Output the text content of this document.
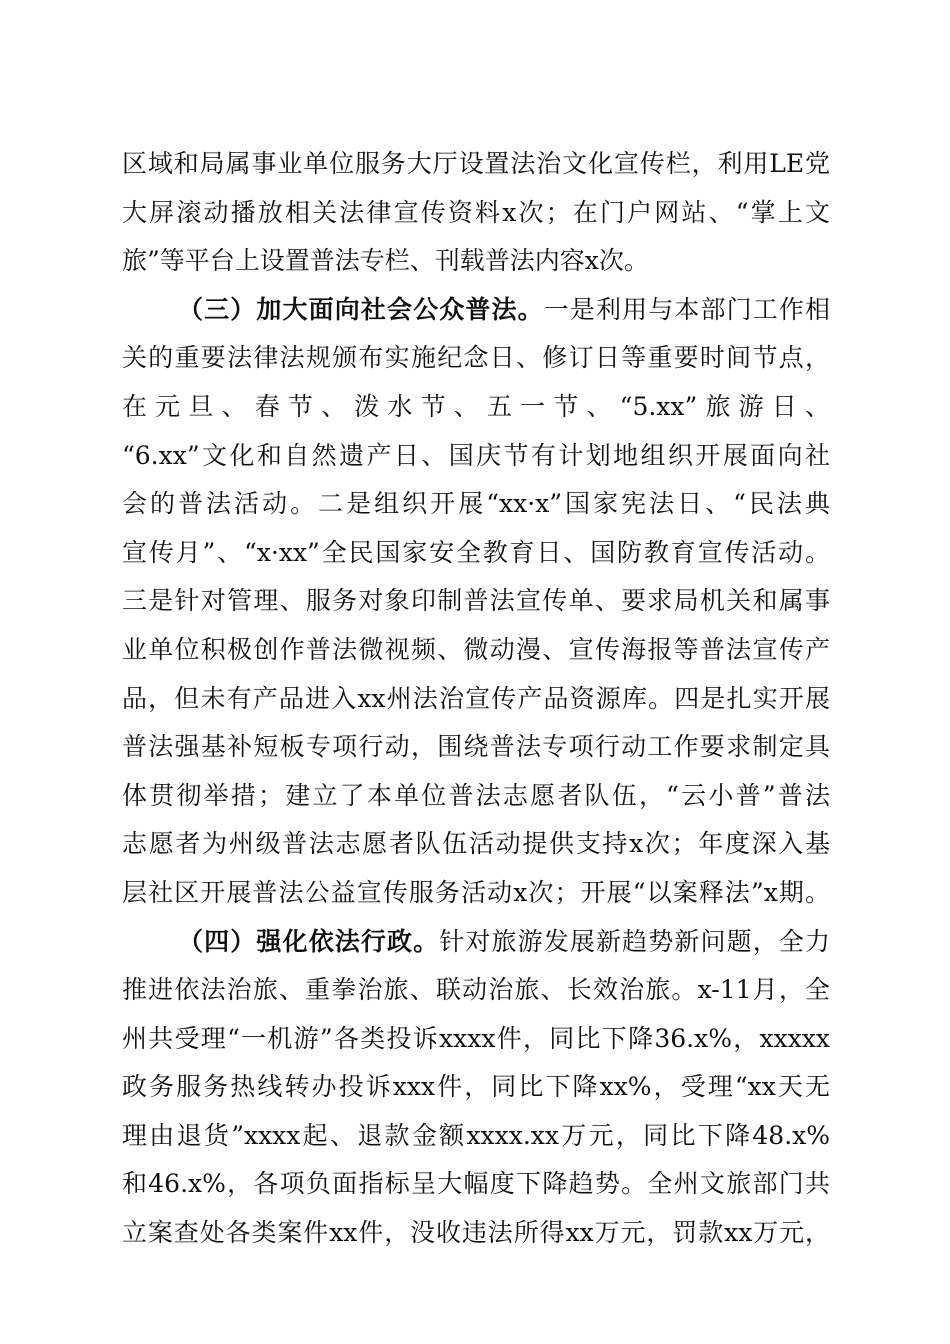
区域和局属事业单位服务大厅设置法治文化宣传栏，利用LE党
大屏滚动播放相关法律宣传资料x次；在门户网站、“掌上文
旅”等平台上设置普法专栏、刊载普法内容x次。
（三）加大面向社会公众普法。一是利用与本部门工作相
关的重要法律法规颁布实施纪念日、修订日等重要时间节点，
在元旦、春节、泼水节、五一节、“5.xx”旅游日、
“6.xx”文化和自然遗产日、国庆节有计划地组织开展面向社
会的普法活动。二是组织开展“xx·x”国家宪法日、“民法典
宣传月”、“x·xx”全民国家安全教育日、国防教育宣传活动。
三是针对管理、服务对象印制普法宣传单、要求局机关和属事
业单位积极创作普法微视频、微动漫、宣传海报等普法宣传产
品，但未有产品进入xx州法治宣传产品资源库。四是扎实开展
普法强基补短板专项行动，围绕普法专项行动工作要求制定具
体贯彻举措；建立了本单位普法志愿者队伍，“云小普”普法
志愿者为州级普法志愿者队伍活动提供支持x次；年度深入基
层社区开展普法公益宣传服务活动x次；开展“以案释法”x期。
（四）强化依法行政。针对旅游发展新趋势新问题，全力
推进依法治旅、重拳治旅、联动治旅、长效治旅。x-11月，全
州共受理“一机游”各类投诉xxxx件，同比下降36.x%，xxxxx
政务服务热线转办投诉xxx件，同比下降xx%，受理“xx天无
理由退货”xxxx起、退款金额xxxx.xx万元，同比下降48.x%
和46.x%，各项负面指标呈大幅度下降趋势。全州文旅部门共
立案查处各类案件xx件，没收违法所得xx万元，罚款xx万元，
